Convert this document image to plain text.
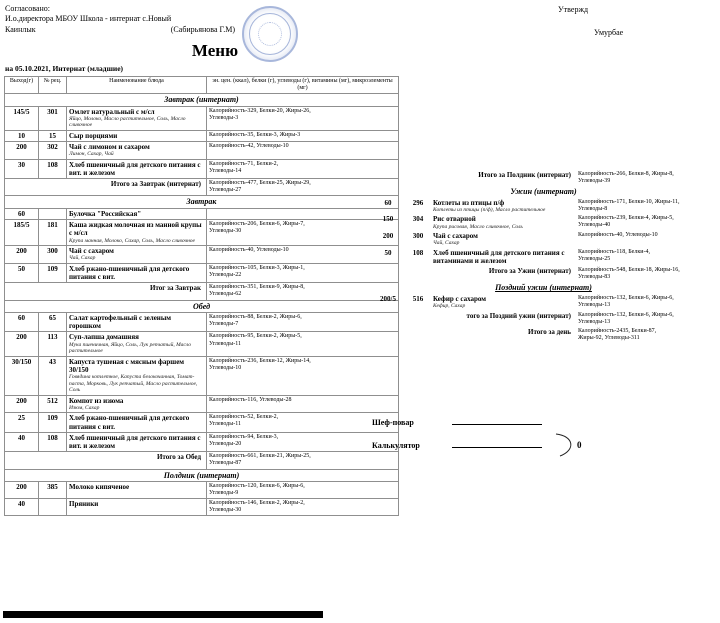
Согласовано:
И.о.директора МБОУ Школа - интернат с.Новый
Каинлык	(Сабирьянова Г.М)
Утвержд
Умурбае
Меню
на 05.10.2021, Интернат (младшие)
Выход(г)	№ рец.	Наименование блюда	эн. цен. (ккал), белки (г), углеводы (г), витамины (мг), микроэлементы (мг)
Завтрак (интернат)			
145/5	301	Омлет натуральный с м/сл
Яйцо, Молоко, Масло растительное, Соль, Масло сливочное	Калорийность-329, Белки-20, Жиры-26, Углеводы-3

10	15	Сыр порциями	Калорийность-35, Белки-3, Жиры-3

200	302	Чай с лимоном и сахаром
Лимон, Сахар, Чай	Калорийность-42, Углеводы-10

30	108	Хлеб пшеничный для детского питания с вит. и железом	Калорийность-71, Белки-2, Углеводы-14

Итого за Завтрак (интернат)			Калорийность-477, Белки-25, Жиры-29, Углеводы-27

Завтрак			
60		Булочка "Российская"	

185/5	181	Каша жидкая молочная из манной крупы с м/сл
Крупа манная, Молоко, Сахар, Соль, Масло сливочное	Калорийность-206, Белки-6, Жиры-7, Углеводы-30

200	300	Чай с сахаром
Чай, Сахар	Калорийность-40, Углеводы-10

50	109	Хлеб ржано-пшеничный для детского питания с вит.	Калорийность-105, Белки-3, Жиры-1, Углеводы-22

Итог за Завтрак			Калорийность-351, Белки-9, Жиры-8, Углеводы-62

Обед			
60	65	Салат картофельный с зеленым горошком	Калорийность-88, Белки-2, Жиры-6, Углеводы-7

200	113	Суп-лапша домашняя
Мука пшеничная, Яйцо, Соль, Лук репчатый, Масло растительное	Калорийность-95, Белки-2, Жиры-5, Углеводы-11

30/150	43	Капуста тушеная с мясным фаршем 30/150
Говядина котлетное, Капуста белокочанная, Томат-паста, Морковь, Лук репчатый, Масло растительное, Соль	Калорийность-236, Белки-12, Жиры-14, Углеводы-10

200	512	Компот из изюма
Изюм, Сахар	Калорийность-116, Углеводы-28

25	109	Хлеб ржано-пшеничный для детского питания с вит.	Калорийность-52, Белки-2, Углеводы-11

40	108	Хлеб пшеничный для детского питания с вит. и железом	Калорийность-94, Белки-3, Углеводы-20

Итого за Обед			Калорийность-661, Белки-21, Жиры-25, Углеводы-87

Полдник (интернат)			
200	385	Молоко кипяченое	Калорийность-120, Белки-6, Жиры-6, Углеводы-9

40		Пряники	Калорийность-146, Белки-2, Жиры-2, Углеводы-30
Итого за Полдник (интернат)			Калорийность-266, Белки-8, Жиры-8, Углеводы-39

Ужин (интернат)			
60	296	Котлеты из птицы п/ф
Котлеты из птицы (п/ф), Масло растительное	Калорийность-171, Белки-10, Жиры-11, Углеводы-8

150	304	Рис отварной
Крупа рисовая, Масло сливочное, Соль	Калорийность-239, Белки-4, Жиры-5, Углеводы-40

200	300	Чай с сахаром
Чай, Сахар	Калорийность-40, Углеводы-10

50	108	Хлеб пшеничный для детского питания с витаминами и железом	Калорийность-118, Белки-4, Углеводы-25

Итого за Ужин (интернат)			Калорийность-548, Белки-18, Жиры-16, Углеводы-83

Поздний ужин (интернат)			
200/5	516	Кефир с сахаром
Кефир, Сахар	Калорийность-132, Белки-6, Жиры-6, Углеводы-13

того за Поздний ужин (интернат)			Калорийность-132, Белки-6, Жиры-6, Углеводы-13

Итого за день			Калорийность-2435, Белки-87, Жиры-92, Углеводы-311
Шеф-повар
Калькулятор	0
